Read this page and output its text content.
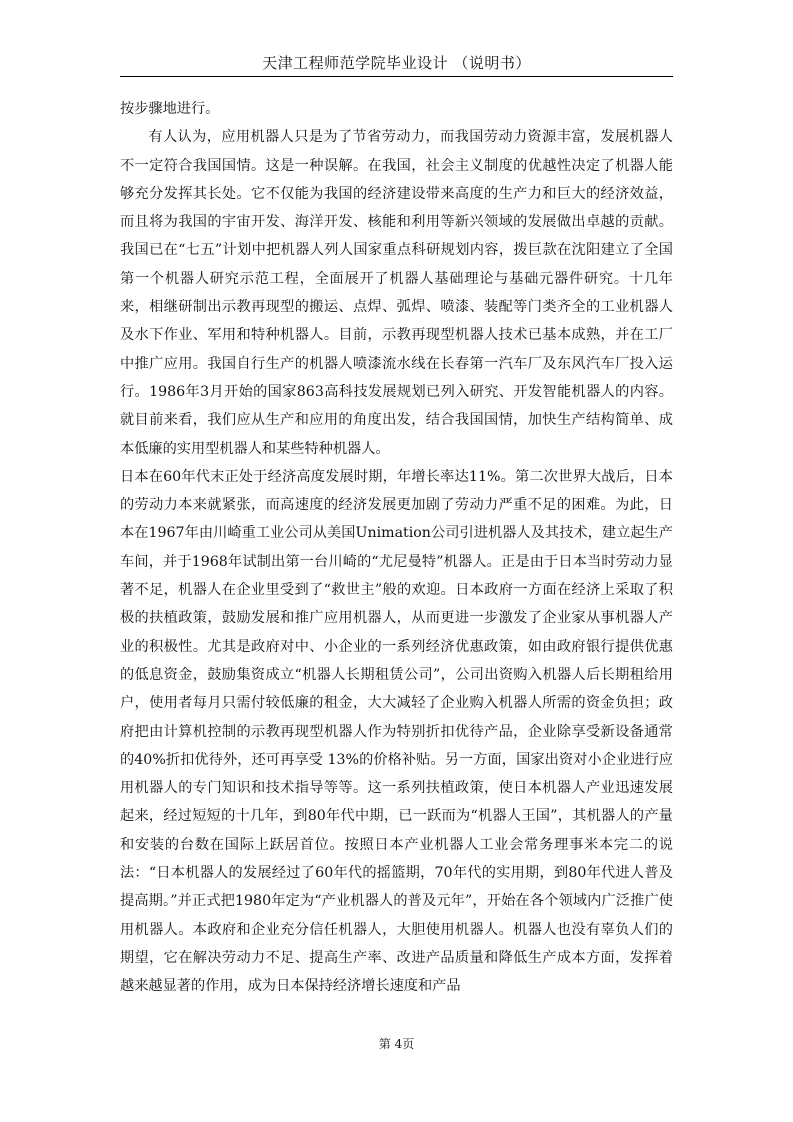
天津工程师范学院毕业设计 （说明书）

按步骤地进行。

有人认为，应用机器人只是为了节省劳动力，而我国劳动力资源丰富，发展机器人不一定符合我国国情。这是一种误解。在我国，社会主义制度的优越性决定了机器人能够充分发挥其长处。它不仅能为我国的经济建设带来高度的生产力和巨大的经济效益，而且将为我国的宇宙开发、海洋开发、核能和利用等新兴领域的发展做出卓越的贡献。我国已在“七五”计划中把机器人列人国家重点科研规划内容，拨巨款在沈阳建立了全国第一个机器人研究示范工程，全面展开了机器人基础理论与基础元器件研究。十几年来，相继研制出示教再现型的搬运、点焊、弧焊、喷漆、装配等门类齐全的工业机器人及水下作业、军用和特种机器人。目前，示教再现型机器人技术已基本成熟，并在工厂中推广应用。我国自行生产的机器人喷漆流水线在长春第一汽车厂及东风汽车厂投入运行。1986年3月开始的国家863高科技发展规划已列入研究、开发智能机器人的内容。就目前来看，我们应从生产和应用的角度出发，结合我国国情，加快生产结构简单、成本低廉的实用型机器人和某些特种机器人。

日本在60年代末正处于经济高度发展时期，年增长率达11%。第二次世界大战后，日本的劳动力本来就紧张，而高速度的经济发展更加剧了劳动力严重不足的困难。为此，日本在1967年由川崎重工业公司从美国Unimation公司引进机器人及其技术，建立起生产车间，并于1968年试制出第一台川崎的“尤尼曼特”机器人。正是由于日本当时劳动力显著不足，机器人在企业里受到了“救世主”般的欢迎。日本政府一方面在经济上采取了积极的扶植政策，鼓励发展和推广应用机器人，从而更进一步激发了企业家从事机器人产业的积极性。尤其是政府对中、小企业的一系列经济优惠政策，如由政府银行提供优惠的低息资金，鼓励集资成立“机器人长期租赁公司”，公司出资购入机器人后长期租给用户，使用者每月只需付较低廉的租金，大大减轻了企业购入机器人所需的资金负担；政府把由计算机控制的示教再现型机器人作为特别折扣优待产品，企业除享受新设备通常的40%折扣优待外，还可再享受 13%的价格补贴。另一方面，国家出资对小企业进行应用机器人的专门知识和技术指导等等。这一系列扶植政策，使日本机器人产业迅速发展起来，经过短短的十几年，到80年代中期，已一跃而为“机器人王国”，其机器人的产量和安装的台数在国际上跃居首位。按照日本产业机器人工业会常务理事米本完二的说法：“日本机器人的发展经过了60年代的摇篮期，70年代的实用期，到80年代进人普及提高期。”并正式把1980年定为“产业机器人的普及元年”，开始在各个领域内广泛推广使用机器人。本政府和企业充分信任机器人，大胆使用机器人。机器人也没有辜负人们的期望，它在解决劳动力不足、提高生产率、改进产品质量和降低生产成本方面，发挥着越来越显著的作用，成为日本保持经济增长速度和产品

第 4页
